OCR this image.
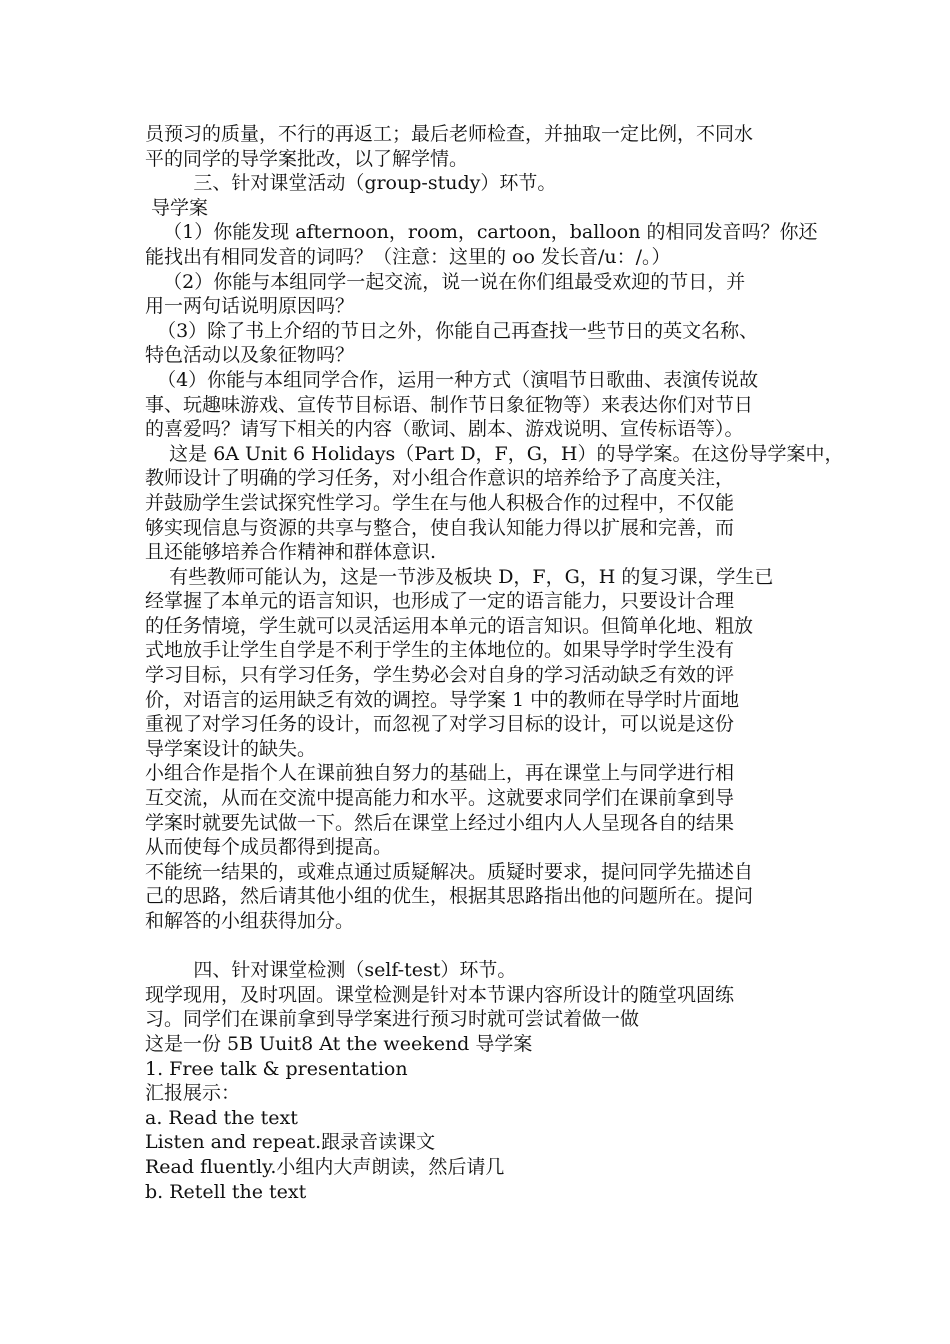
员预习的质量，不行的再返工；最后老师检查，并抽取一定比例，不同水

平的同学的导学案批改，以了解学情。

三、针对课堂活动（group-study）环节。

导学案

（1）你能发现 afternoon，room，cartoon，balloon 的相同发音吗？你还

能找出有相同发音的词吗？（注意：这里的 oo 发长音/u：/。）

（2）你能与本组同学一起交流，说一说在你们组最受欢迎的节日，并

用一两句话说明原因吗？

（3）除了书上介绍的节日之外，你能自己再查找一些节日的英文名称、

特色活动以及象征物吗？

（4）你能与本组同学合作，运用一种方式（演唱节日歌曲、表演传说故

事、玩趣味游戏、宣传节目标语、制作节日象征物等）来表达你们对节日

的喜爱吗？请写下相关的内容（歌词、剧本、游戏说明、宣传标语等）。

这是 6A Unit 6 Holidays（Part D，F，G，H）的导学案。在这份导学案中，

教师设计了明确的学习任务，对小组合作意识的培养给予了高度关注，

并鼓励学生尝试探究性学习。学生在与他人积极合作的过程中，不仅能

够实现信息与资源的共享与整合，使自我认知能力得以扩展和完善，而

且还能够培养合作精神和群体意识.

有些教师可能认为，这是一节涉及板块 D，F，G，H 的复习课，学生已

经掌握了本单元的语言知识，也形成了一定的语言能力，只要设计合理

的任务情境，学生就可以灵活运用本单元的语言知识。但简单化地、粗放

式地放手让学生自学是不利于学生的主体地位的。如果导学时学生没有

学习目标，只有学习任务，学生势必会对自身的学习活动缺乏有效的评

价，对语言的运用缺乏有效的调控。导学案 1 中的教师在导学时片面地

重视了对学习任务的设计，而忽视了对学习目标的设计，可以说是这份

导学案设计的缺失。

小组合作是指个人在课前独自努力的基础上，再在课堂上与同学进行相

互交流，从而在交流中提高能力和水平。这就要求同学们在课前拿到导

学案时就要先试做一下。然后在课堂上经过小组内人人呈现各自的结果

从而使每个成员都得到提高。

不能统一结果的，或难点通过质疑解决。质疑时要求，提问同学先描述自

己的思路，然后请其他小组的优生，根据其思路指出他的问题所在。提问

和解答的小组获得加分。

四、针对课堂检测（self-test）环节。

现学现用，及时巩固。课堂检测是针对本节课内容所设计的随堂巩固练

习。同学们在课前拿到导学案进行预习时就可尝试着做一做

这是一份 5B Uuit8 At the weekend 导学案

1. Free talk & presentation

汇报展示：

a. Read the text

Listen and repeat.跟录音读课文

Read fluently.小组内大声朗读，然后请几

b. Retell the text
